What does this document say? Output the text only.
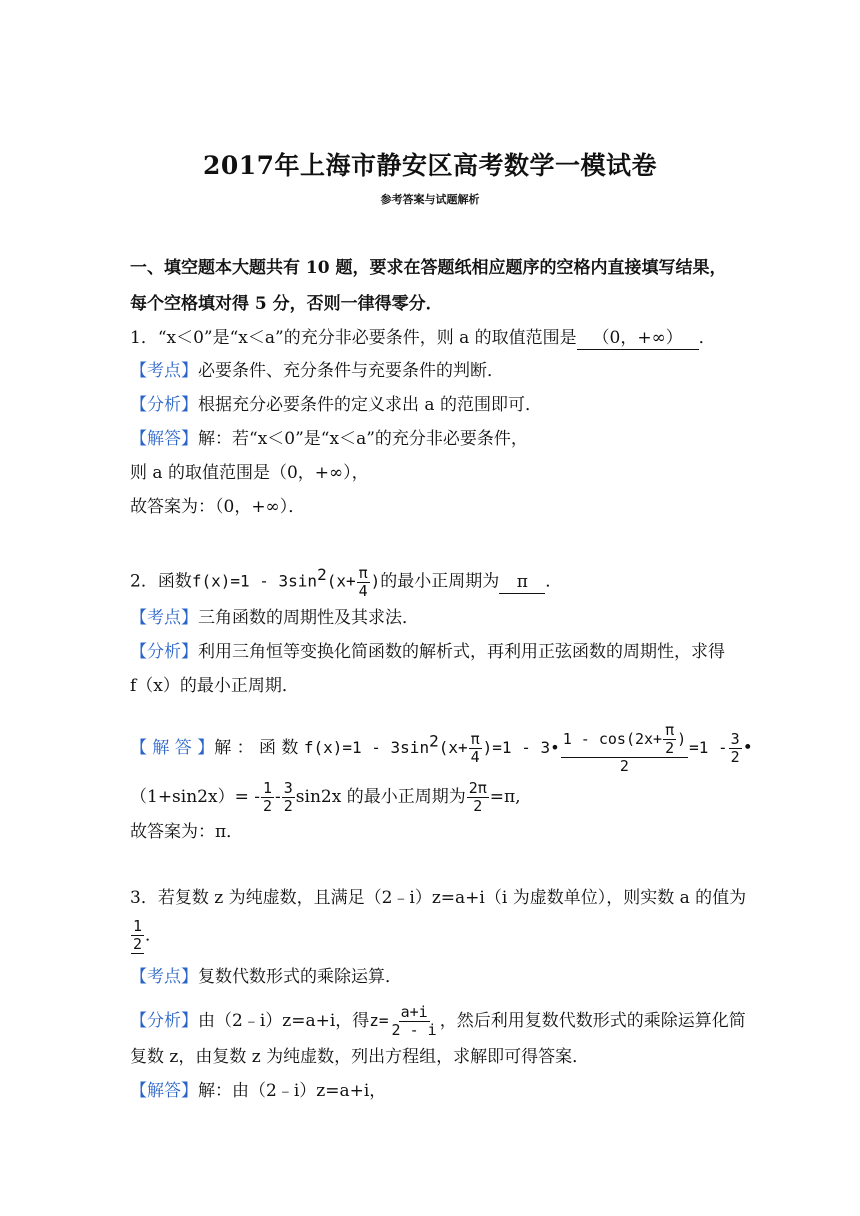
2017年上海市静安区高考数学一模试卷
参考答案与试题解析
一、填空题本大题共有 10 题，要求在答题纸相应题序的空格内直接填写结果，
每个空格填对得 5 分，否则一律得零分．
1．“x＜0”是“x＜a”的充分非必要条件，则 a 的取值范围是 （0，+∞） ．
【考点】必要条件、充分条件与充要条件的判断．
【分析】根据充分必要条件的定义求出 a 的范围即可．
【解答】解：若“x＜0”是“x＜a”的充分非必要条件，
则 a 的取值范围是（0，+∞），
故答案为：（0，+∞）．
2．函数$f(x)=1 - 3\sin^2(x+ \frac{\pi}{4}$ )的最小正周期为 π ．
【考点】三角函数的周期性及其求法．
【分析】利用三角恒等变换化简函数的解析式，再利用正弦函数的周期性，求得
f（x）的最小正周期．
【 解 答 】解 ： 函 数 $f(x)=1 - 3\sin^2(x+ \frac{\pi}{4} )=1$ - 3• $\frac{1 - \cos(2x+ \frac{\pi}{2} )}{2} =1 - \frac{3}{2}$ •
$(1+\sin 2x)= - \frac{1}{2} - \frac{3}{2} \sin 2x$ 的最小正周期为 $\frac{2\pi}{2} =\pi$,
故答案为：π．
3．若复数 z 为纯虚数，且满足（2﹣i）z=a+i（i 为虚数单位），则实数 a 的值为
$\frac{1}{2}$ ．
【考点】复数代数形式的乘除运算．
【分析】由（2﹣i）z=a+i，得$z= \frac{a+i}{2 - i}$ ，然后利用复数代数形式的乘除运算化简
复数 z，由复数 z 为纯虚数，列出方程组，求解即可得答案．
【解答】解：由（2﹣i）z=a+i，
